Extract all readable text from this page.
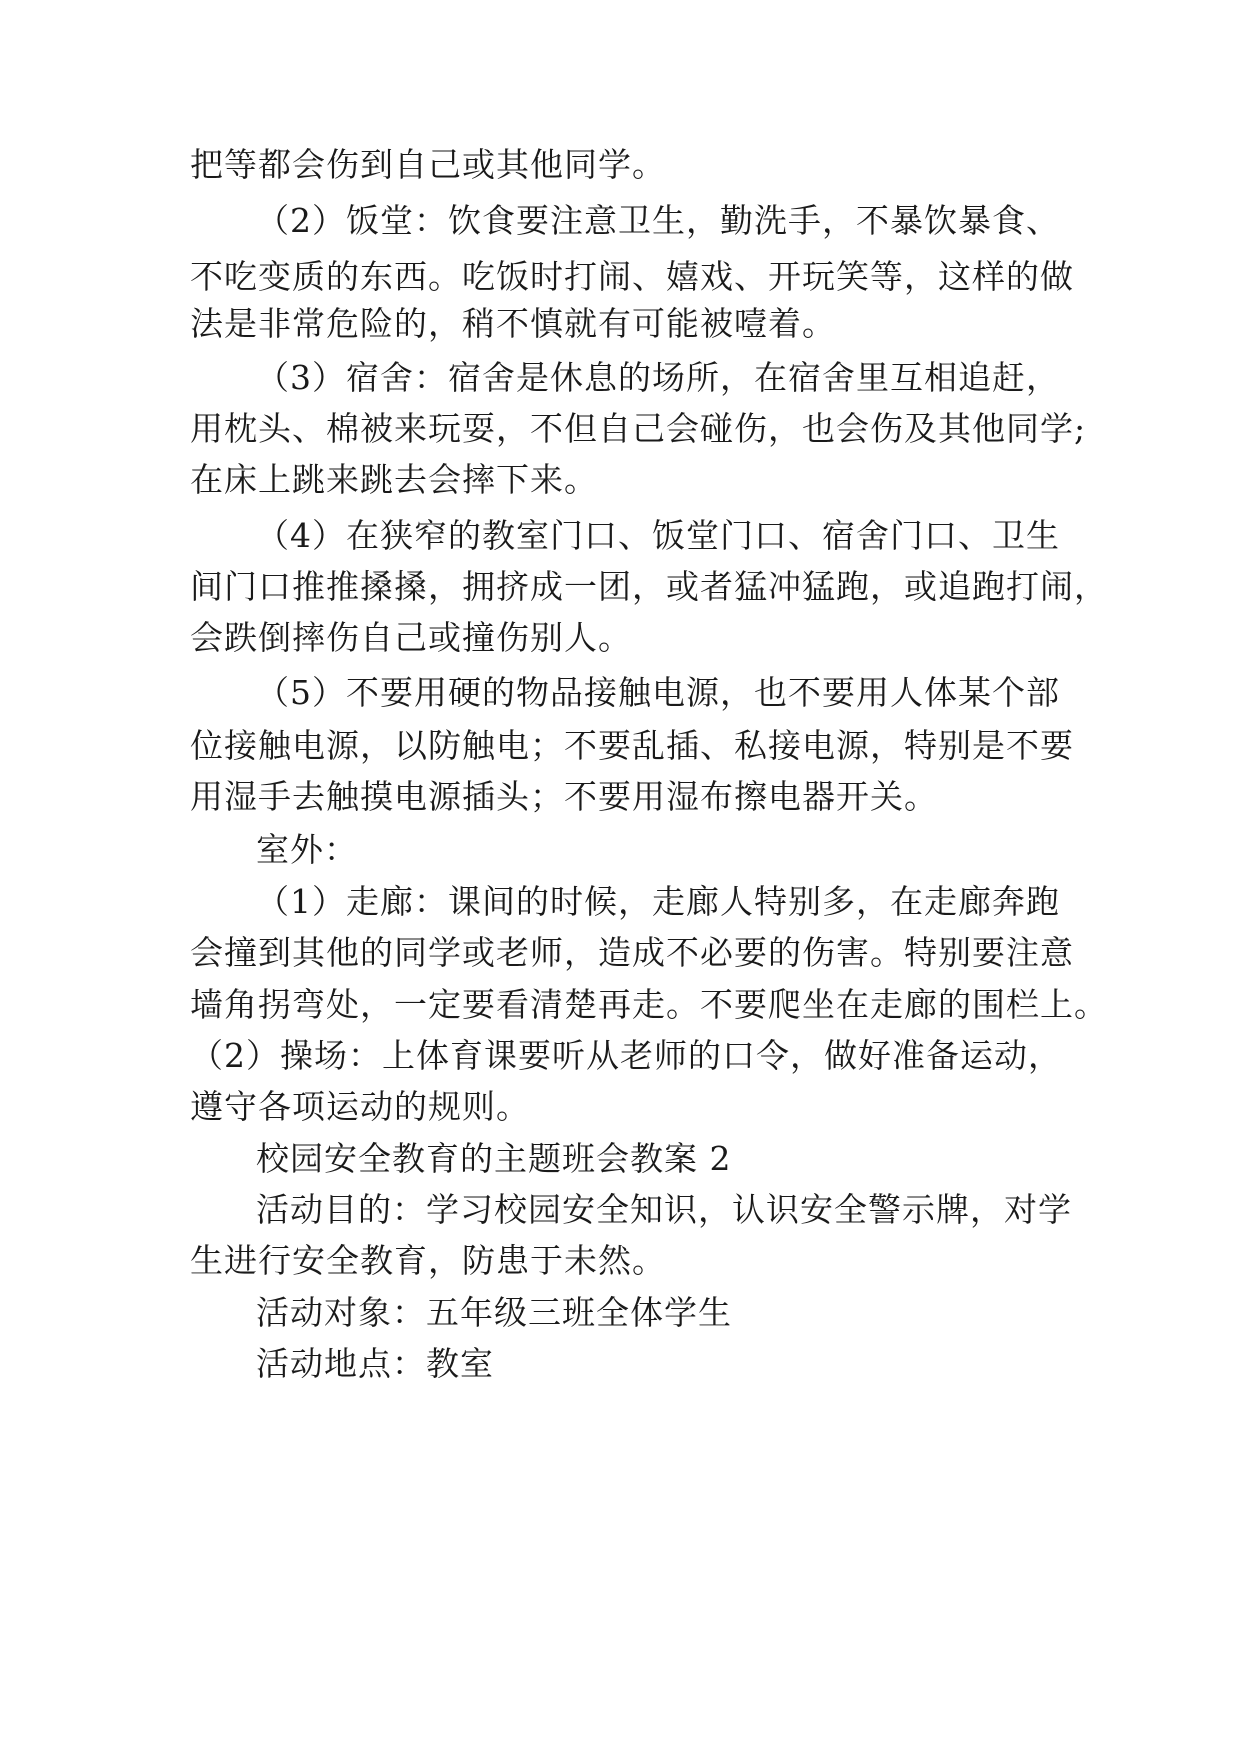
把等都会伤到自己或其他同学。
（2）饭堂：饮食要注意卫生，勤洗手，不暴饮暴食、
不吃变质的东西。吃饭时打闹、嬉戏、开玩笑等，这样的做
法是非常危险的，稍不慎就有可能被噎着。
（3）宿舍：宿舍是休息的场所，在宿舍里互相追赶，
用枕头、棉被来玩耍，不但自己会碰伤，也会伤及其他同学;
在床上跳来跳去会摔下来。
（4）在狭窄的教室门口、饭堂门口、宿舍门口、卫生
间门口推推搡搡，拥挤成一团，或者猛冲猛跑，或追跑打闹，
会跌倒摔伤自己或撞伤别人。
（5）不要用硬的物品接触电源，也不要用人体某个部
位接触电源，以防触电；不要乱插、私接电源，特别是不要
用湿手去触摸电源插头；不要用湿布擦电器开关。
室外：
（1）走廊：课间的时候，走廊人特别多，在走廊奔跑
会撞到其他的同学或老师，造成不必要的伤害。特别要注意
墙角拐弯处，一定要看清楚再走。不要爬坐在走廊的围栏上。
（2）操场：上体育课要听从老师的口令，做好准备运动，
遵守各项运动的规则。
校园安全教育的主题班会教案 2
活动目的：学习校园安全知识，认识安全警示牌，对学
生进行安全教育，防患于未然。
活动对象：五年级三班全体学生
活动地点：教室
